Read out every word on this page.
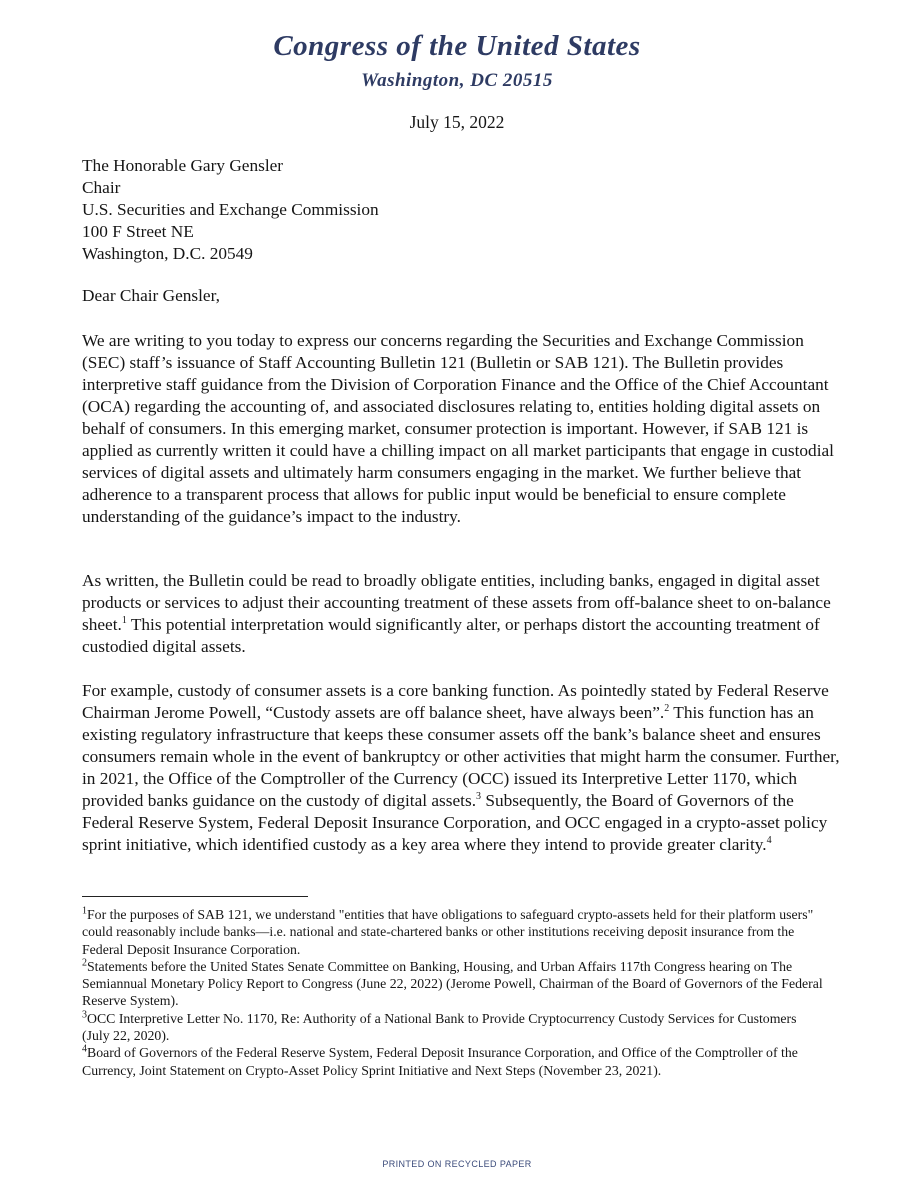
Congress of the United States
Washington, DC 20515
July 15, 2022
The Honorable Gary Gensler
Chair
U.S. Securities and Exchange Commission
100 F Street NE
Washington, D.C. 20549
Dear Chair Gensler,
We are writing to you today to express our concerns regarding the Securities and Exchange Commission (SEC) staff’s issuance of Staff Accounting Bulletin 121 (Bulletin or SAB 121). The Bulletin provides interpretive staff guidance from the Division of Corporation Finance and the Office of the Chief Accountant (OCA) regarding the accounting of, and associated disclosures relating to, entities holding digital assets on behalf of consumers. In this emerging market, consumer protection is important. However, if SAB 121 is applied as currently written it could have a chilling impact on all market participants that engage in custodial services of digital assets and ultimately harm consumers engaging in the market. We further believe that adherence to a transparent process that allows for public input would be beneficial to ensure complete understanding of the guidance’s impact to the industry.
As written, the Bulletin could be read to broadly obligate entities, including banks, engaged in digital asset products or services to adjust their accounting treatment of these assets from off-balance sheet to on-balance sheet.$^1$ This potential interpretation would significantly alter, or perhaps distort the accounting treatment of custodied digital assets.
For example, custody of consumer assets is a core banking function. As pointedly stated by Federal Reserve Chairman Jerome Powell, “Custody assets are off balance sheet, have always been”.$^2$ This function has an existing regulatory infrastructure that keeps these consumer assets off the bank’s balance sheet and ensures consumers remain whole in the event of bankruptcy or other activities that might harm the consumer. Further, in 2021, the Office of the Comptroller of the Currency (OCC) issued its Interpretive Letter 1170, which provided banks guidance on the custody of digital assets.$^3$ Subsequently, the Board of Governors of the Federal Reserve System, Federal Deposit Insurance Corporation, and OCC engaged in a crypto-asset policy sprint initiative, which identified custody as a key area where they intend to provide greater clarity.$^4$
$^1$For the purposes of SAB 121, we understand "entities that have obligations to safeguard crypto-assets held for their platform users" could reasonably include banks—i.e. national and state-chartered banks or other institutions receiving deposit insurance from the Federal Deposit Insurance Corporation.
$^2$Statements before the United States Senate Committee on Banking, Housing, and Urban Affairs 117th Congress hearing on The Semiannual Monetary Policy Report to Congress (June 22, 2022) (Jerome Powell, Chairman of the Board of Governors of the Federal Reserve System).
$^3$OCC Interpretive Letter No. 1170, Re: Authority of a National Bank to Provide Cryptocurrency Custody Services for Customers (July 22, 2020).
$^4$Board of Governors of the Federal Reserve System, Federal Deposit Insurance Corporation, and Office of the Comptroller of the Currency, Joint Statement on Crypto-Asset Policy Sprint Initiative and Next Steps (November 23, 2021).
PRINTED ON RECYCLED PAPER
